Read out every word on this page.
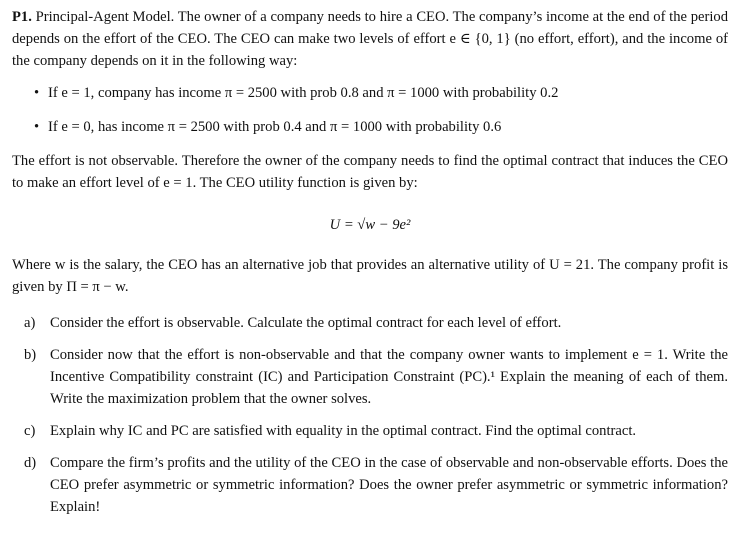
P1. Principal-Agent Model. The owner of a company needs to hire a CEO. The company’s income at the end of the period depends on the effort of the CEO. The CEO can make two levels of effort e ∈ {0, 1} (no effort, effort), and the income of the company depends on it in the following way:

• If e = 1, company has income π = 2500 with prob 0.8 and π = 1000 with probability 0.2
• If e = 0, has income π = 2500 with prob 0.4 and π = 1000 with probability 0.6

The effort is not observable. Therefore the owner of the company needs to find the optimal contract that induces the CEO to make an effort level of e = 1. The CEO utility function is given by:

U = √w − 9e²

Where w is the salary, the CEO has an alternative job that provides an alternative utility of U = 21. The company profit is given by Π = π − w.

a)	Consider the effort is observable. Calculate the optimal contract for each level of effort.
b) Consider now that the effort is non-observable and that the company owner wants to implement e = 1. Write the Incentive Compatibility constraint (IC) and Participation Constraint (PC).¹ Explain the meaning of each of them. Write the maximization problem that the owner solves.
c)	Explain why IC and PC are satisfied with equality in the optimal contract. Find the optimal contract.
d) Compare the firm’s profits and the utility of the CEO in the case of observable and non-observable efforts. Does the CEO prefer asymmetric or symmetric information? Does the owner prefer asymmetric or symmetric information? Explain!
